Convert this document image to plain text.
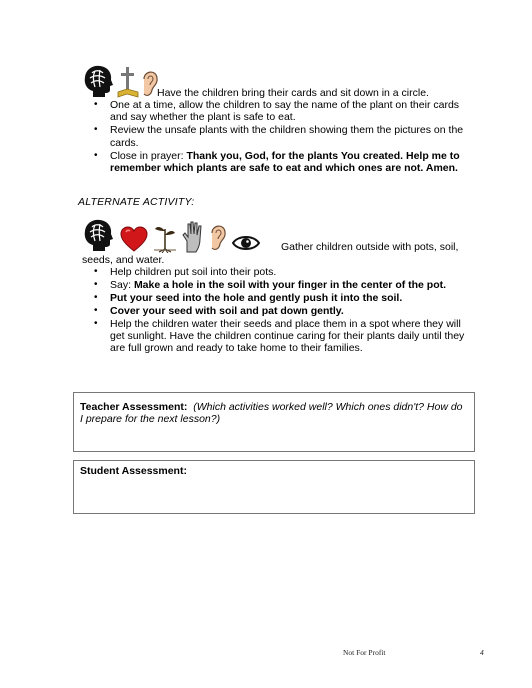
Have the children bring their cards and sit down in a circle.
• One at a time, allow the children to say the name of the plant on their cards and say whether the plant is safe to eat.
• Review the unsafe plants with the children showing them the pictures on the cards.
• Close in prayer: Thank you, God, for the plants You created. Help me to remember which plants are safe to eat and which ones are not. Amen.
ALTERNATE ACTIVITY:
Gather children outside with pots, soil,
seeds, and water.
• Help children put soil into their pots.
• Say: Make a hole in the soil with your finger in the center of the pot.
• Put your seed into the hole and gently push it into the soil.
• Cover your seed with soil and pat down gently.
• Help the children water their seeds and place them in a spot where they will get sunlight. Have the children continue caring for their plants daily until they are full grown and ready to take home to their families.
Teacher Assessment: (Which activities worked well? Which ones didn't? How do I prepare for the next lesson?)
Student Assessment:
Not For Profit	4
